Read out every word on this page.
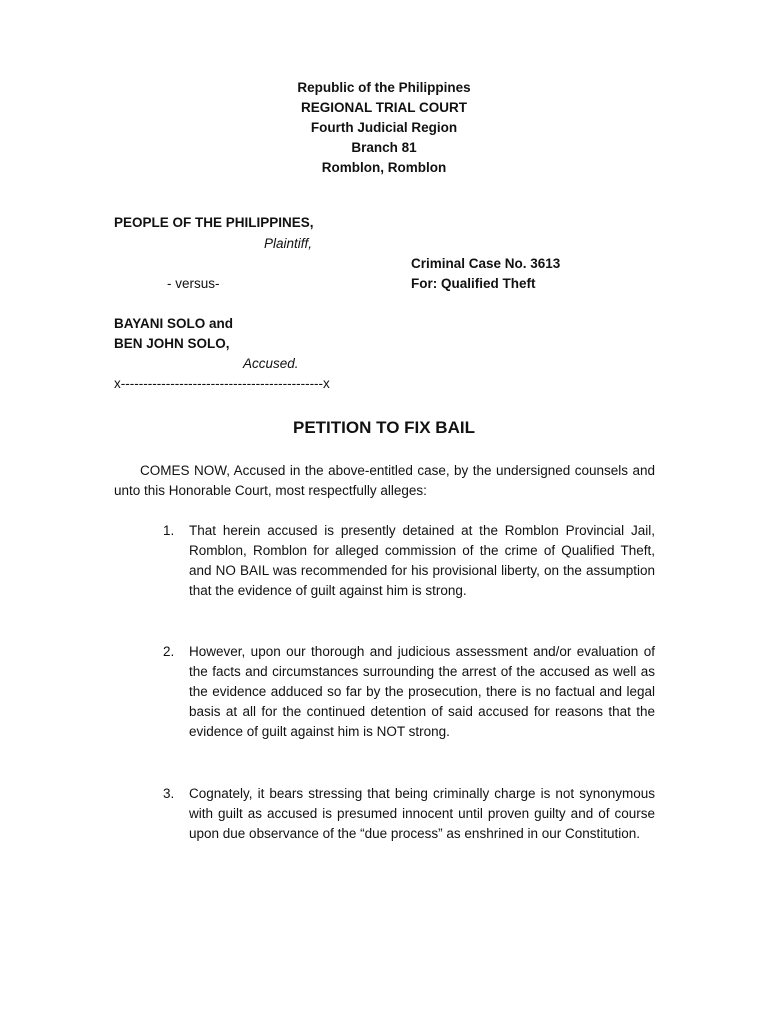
Republic of the Philippines
REGIONAL TRIAL COURT
Fourth Judicial Region
Branch 81
Romblon, Romblon
PEOPLE OF THE PHILIPPINES,
Plaintiff,
Criminal Case No. 3613
- versus-	For: Qualified Theft
BAYANI SOLO and
BEN JOHN SOLO,
Accused.
x---------------------------------------------x
PETITION TO FIX BAIL
COMES NOW, Accused in the above-entitled case, by the undersigned counsels and unto this Honorable Court, most respectfully alleges:
1.	That herein accused is presently detained at the Romblon Provincial Jail, Romblon, Romblon for alleged commission of the crime of Qualified Theft, and NO BAIL was recommended for his provisional liberty, on the assumption that the evidence of guilt against him is strong.
2.	However, upon our thorough and judicious assessment and/or evaluation of the facts and circumstances surrounding the arrest of the accused as well as the evidence adduced so far by the prosecution, there is no factual and legal basis at all for the continued detention of said accused for reasons that the evidence of guilt against him is NOT strong.
3.	Cognately, it bears stressing that being criminally charge is not synonymous with guilt as accused is presumed innocent until proven guilty and of course upon due observance of the “due process” as enshrined in our Constitution.
